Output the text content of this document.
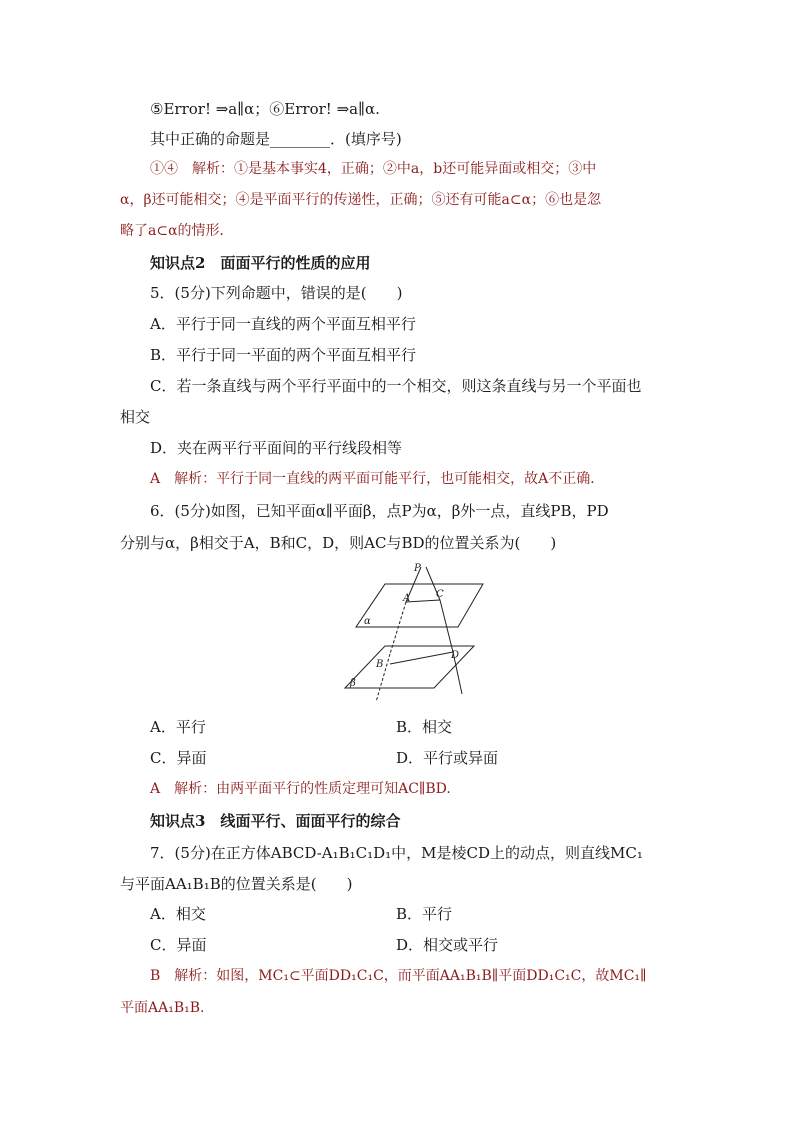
⑤Error! ⇒a∥α；⑥Error! ⇒a∥α.
其中正确的命题是________．(填序号)
①④　解析：①是基本事实4，正确；②中a，b还可能异面或相交；③中
α，β还可能相交；④是平面平行的传递性，正确；⑤还有可能a⊂α；⑥也是忽
略了a⊂α的情形．
知识点2　面面平行的性质的应用
5．(5分)下列命题中，错误的是(　　)
A．平行于同一直线的两个平面互相平行
B．平行于同一平面的两个平面互相平行
C．若一条直线与两个平行平面中的一个相交，则这条直线与另一个平面也
相交
D．夹在两平行平面间的平行线段相等
A　解析：平行于同一直线的两平面可能平行，也可能相交，故A不正确．
6．(5分)如图，已知平面α∥平面β，点P为α，β外一点，直线PB，PD
分别与α，β相交于A，B和C，D，则AC与BD的位置关系为(　　)
P
A	C
α
B
D
β
A．平行	B．相交
C．异面	D．平行或异面
A　解析：由两平面平行的性质定理可知AC∥BD.
知识点3　线面平行、面面平行的综合
7．(5分)在正方体ABCD-A₁B₁C₁D₁中，M是棱CD上的动点，则直线MC₁
与平面AA₁B₁B的位置关系是(　　)
A．相交	B．平行
C．异面	D．相交或平行
B　解析：如图，MC₁⊂平面DD₁C₁C，而平面AA₁B₁B∥平面DD₁C₁C，故MC₁∥
平面AA₁B₁B.
